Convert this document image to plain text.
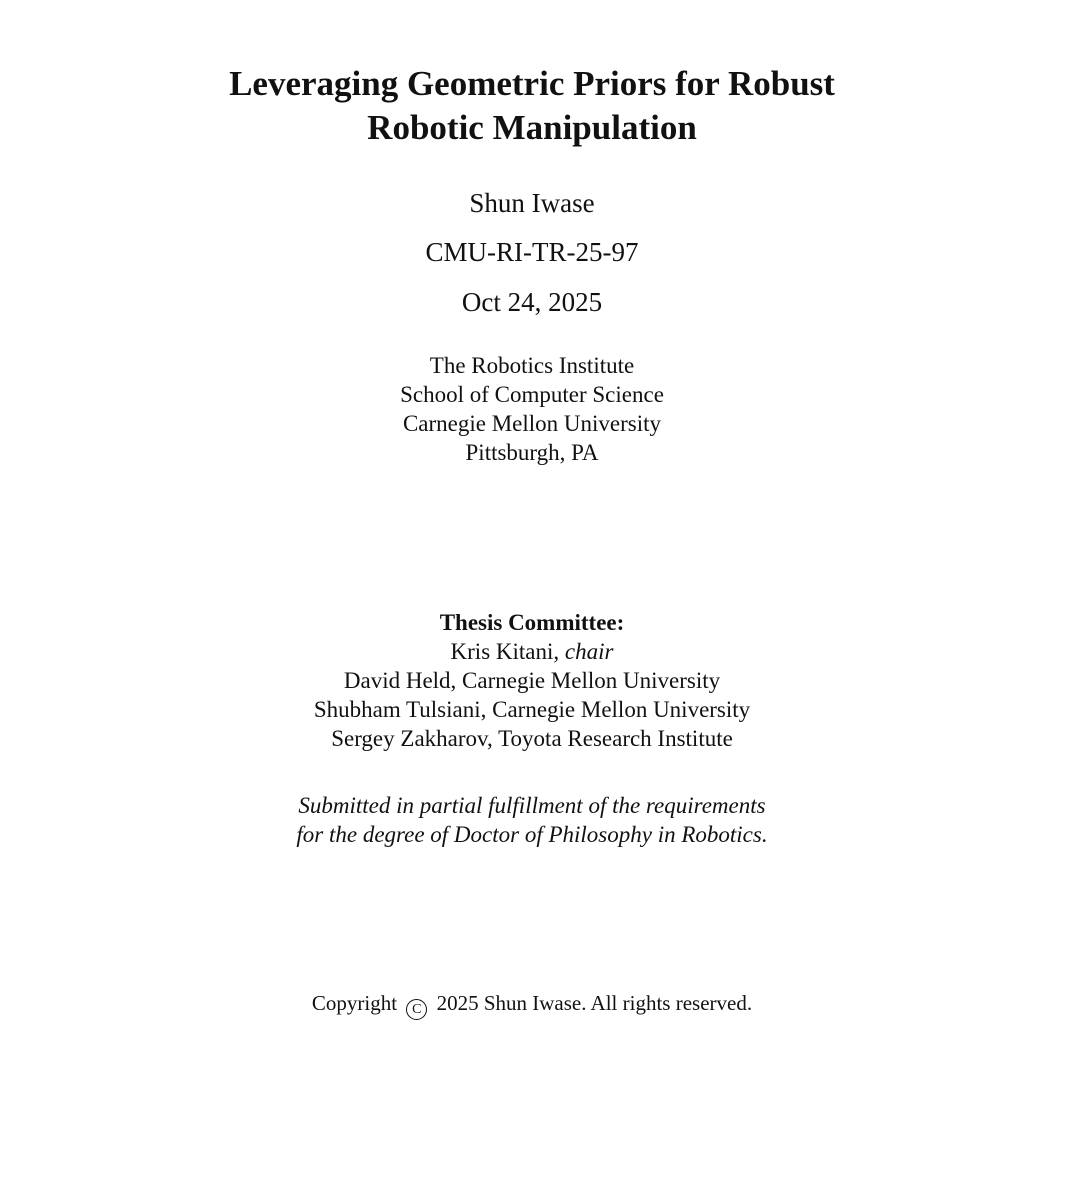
Leveraging Geometric Priors for Robust
Robotic Manipulation
Shun Iwase
CMU-RI-TR-25-97
Oct 24, 2025
The Robotics Institute
School of Computer Science
Carnegie Mellon University
Pittsburgh, PA
Thesis Committee:
Kris Kitani, chair
David Held, Carnegie Mellon University
Shubham Tulsiani, Carnegie Mellon University
Sergey Zakharov, Toyota Research Institute
Submitted in partial fulfillment of the requirements
for the degree of Doctor of Philosophy in Robotics.
Copyright C 2025 Shun Iwase. All rights reserved.
